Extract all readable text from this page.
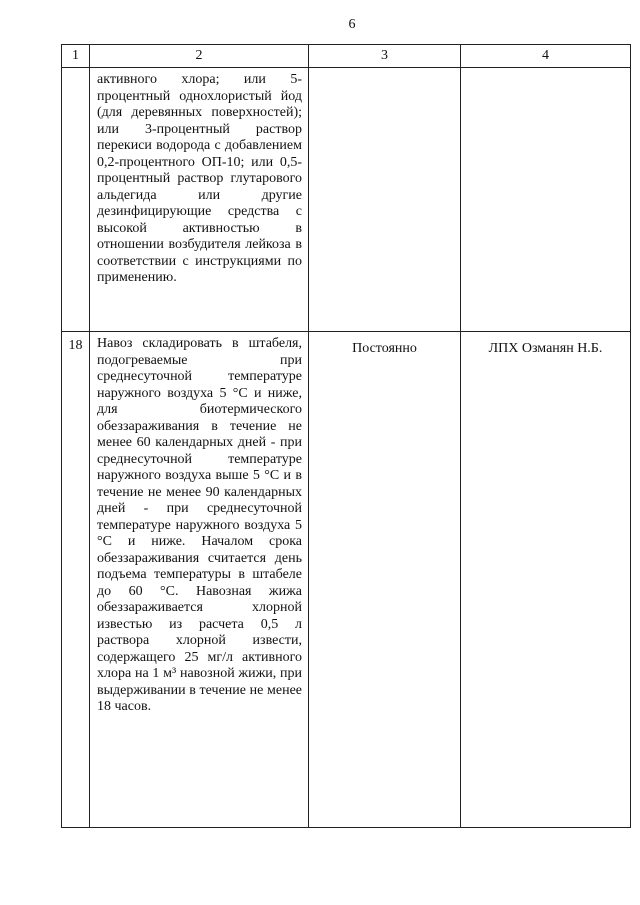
6
1	2	3	4

	активного хлора; или 5-процентный однохлористый йод (для деревянных поверхностей); или 3-процентный раствор перекиси водорода с добавлением 0,2-процентного ОП-10; или 0,5-процентный раствор глутарового альдегида или другие дезинфицирующие средства с высокой активностью в отношении возбудителя лейкоза в соответствии с инструкциями по применению.		

18	Навоз складировать в штабеля, подогреваемые при среднесуточной температуре наружного воздуха 5 °С и ниже, для биотермического обеззараживания в течение не менее 60 календарных дней - при среднесуточной температуре наружного воздуха выше 5 °С и в течение не менее 90 календарных дней - при среднесуточной температуре наружного воздуха 5 °С и ниже. Началом срока обеззараживания считается день подъема температуры в штабеле до 60 °С. Навозная жижа обеззараживается хлорной известью из расчета 0,5 л раствора хлорной извести, содержащего 25 мг/л активного хлора на 1 м³ навозной жижи, при выдерживании в течение не менее 18 часов.	Постоянно	ЛПХ Озманян Н.Б.
